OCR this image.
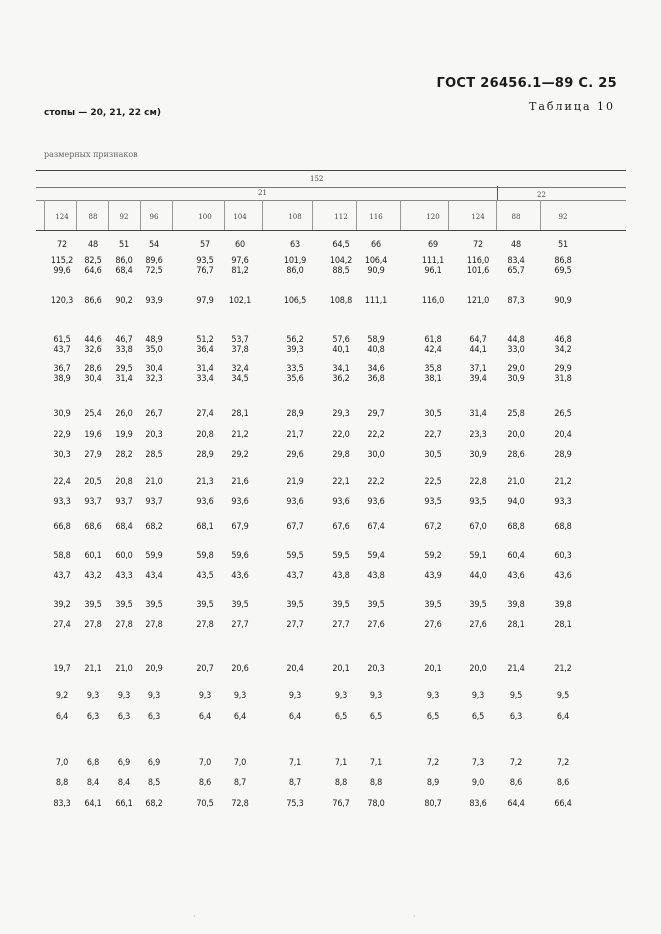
ГОСТ 26456.1—89 С. 25
Таблица 10
стопы — 20, 21, 22 см)
размерных признаков
152
21	22
124	88	92	96	100	104	108	112	116	120	124	88	92
72	48	51	54	57	60	63	64,5	66	69	72	48	51
115,2	82,5	86,0	89,6	93,5	97,6	101,9	104,2	106,4	111,1	116,0	83,4	86,8
99,6	64,6	68,4	72,5	76,7	81,2	86,0	88,5	90,9	96,1	101,6	65,7	69,5
120,3	86,6	90,2	93,9	97,9	102,1	106,5	108,8	111,1	116,0	121,0	87,3	90,9
61,5	44,6	46,7	48,9	51,2	53,7	56,2	57,6	58,9	61,8	64,7	44,8	46,8
43,7	32,6	33,8	35,0	36,4	37,8	39,3	40,1	40,8	42,4	44,1	33,0	34,2
36,7	28,6	29,5	30,4	31,4	32,4	33,5	34,1	34,6	35,8	37,1	29,0	29,9
38,9	30,4	31,4	32,3	33,4	34,5	35,6	36,2	36,8	38,1	39,4	30,9	31,8
30,9	25,4	26,0	26,7	27,4	28,1	28,9	29,3	29,7	30,5	31,4	25,8	26,5
22,9	19,6	19,9	20,3	20,8	21,2	21,7	22,0	22,2	22,7	23,3	20,0	20,4
30,3	27,9	28,2	28,5	28,9	29,2	29,6	29,8	30,0	30,5	30,9	28,6	28,9
22,4	20,5	20,8	21,0	21,3	21,6	21,9	22,1	22,2	22,5	22,8	21,0	21,2
93,3	93,7	93,7	93,7	93,6	93,6	93,6	93,6	93,6	93,5	93,5	94,0	93,3
66,8	68,6	68,4	68,2	68,1	67,9	67,7	67,6	67,4	67,2	67,0	68,8	68,8
58,8	60,1	60,0	59,9	59,8	59,6	59,5	59,5	59,4	59,2	59,1	60,4	60,3
43,7	43,2	43,3	43,4	43,5	43,6	43,7	43,8	43,8	43,9	44,0	43,6	43,6
39,2	39,5	39,5	39,5	39,5	39,5	39,5	39,5	39,5	39,5	39,5	39,8	39,8
27,4	27,8	27,8	27,8	27,8	27,7	27,7	27,7	27,6	27,6	27,6	28,1	28,1
19,7	21,1	21,0	20,9	20,7	20,6	20,4	20,1	20,3	20,1	20,0	21,4	21,2
9,2	9,3	9,3	9,3	9,3	9,3	9,3	9,3	9,3	9,3	9,3	9,5	9,5
6,4	6,3	6,3	6,3	6,4	6,4	6,4	6,5	6,5	6,5	6,5	6,3	6,4
7,0	6,8	6,9	6,9	7,0	7,0	7,1	7,1	7,1	7,2	7,3	7,2	7,2
8,8	8,4	8,4	8,5	8,6	8,7	8,7	8,8	8,8	8,9	9,0	8,6	8,6
83,3	64,1	66,1	68,2	70,5	72,8	75,3	76,7	78,0	80,7	83,6	64,4	66,4
·	·
